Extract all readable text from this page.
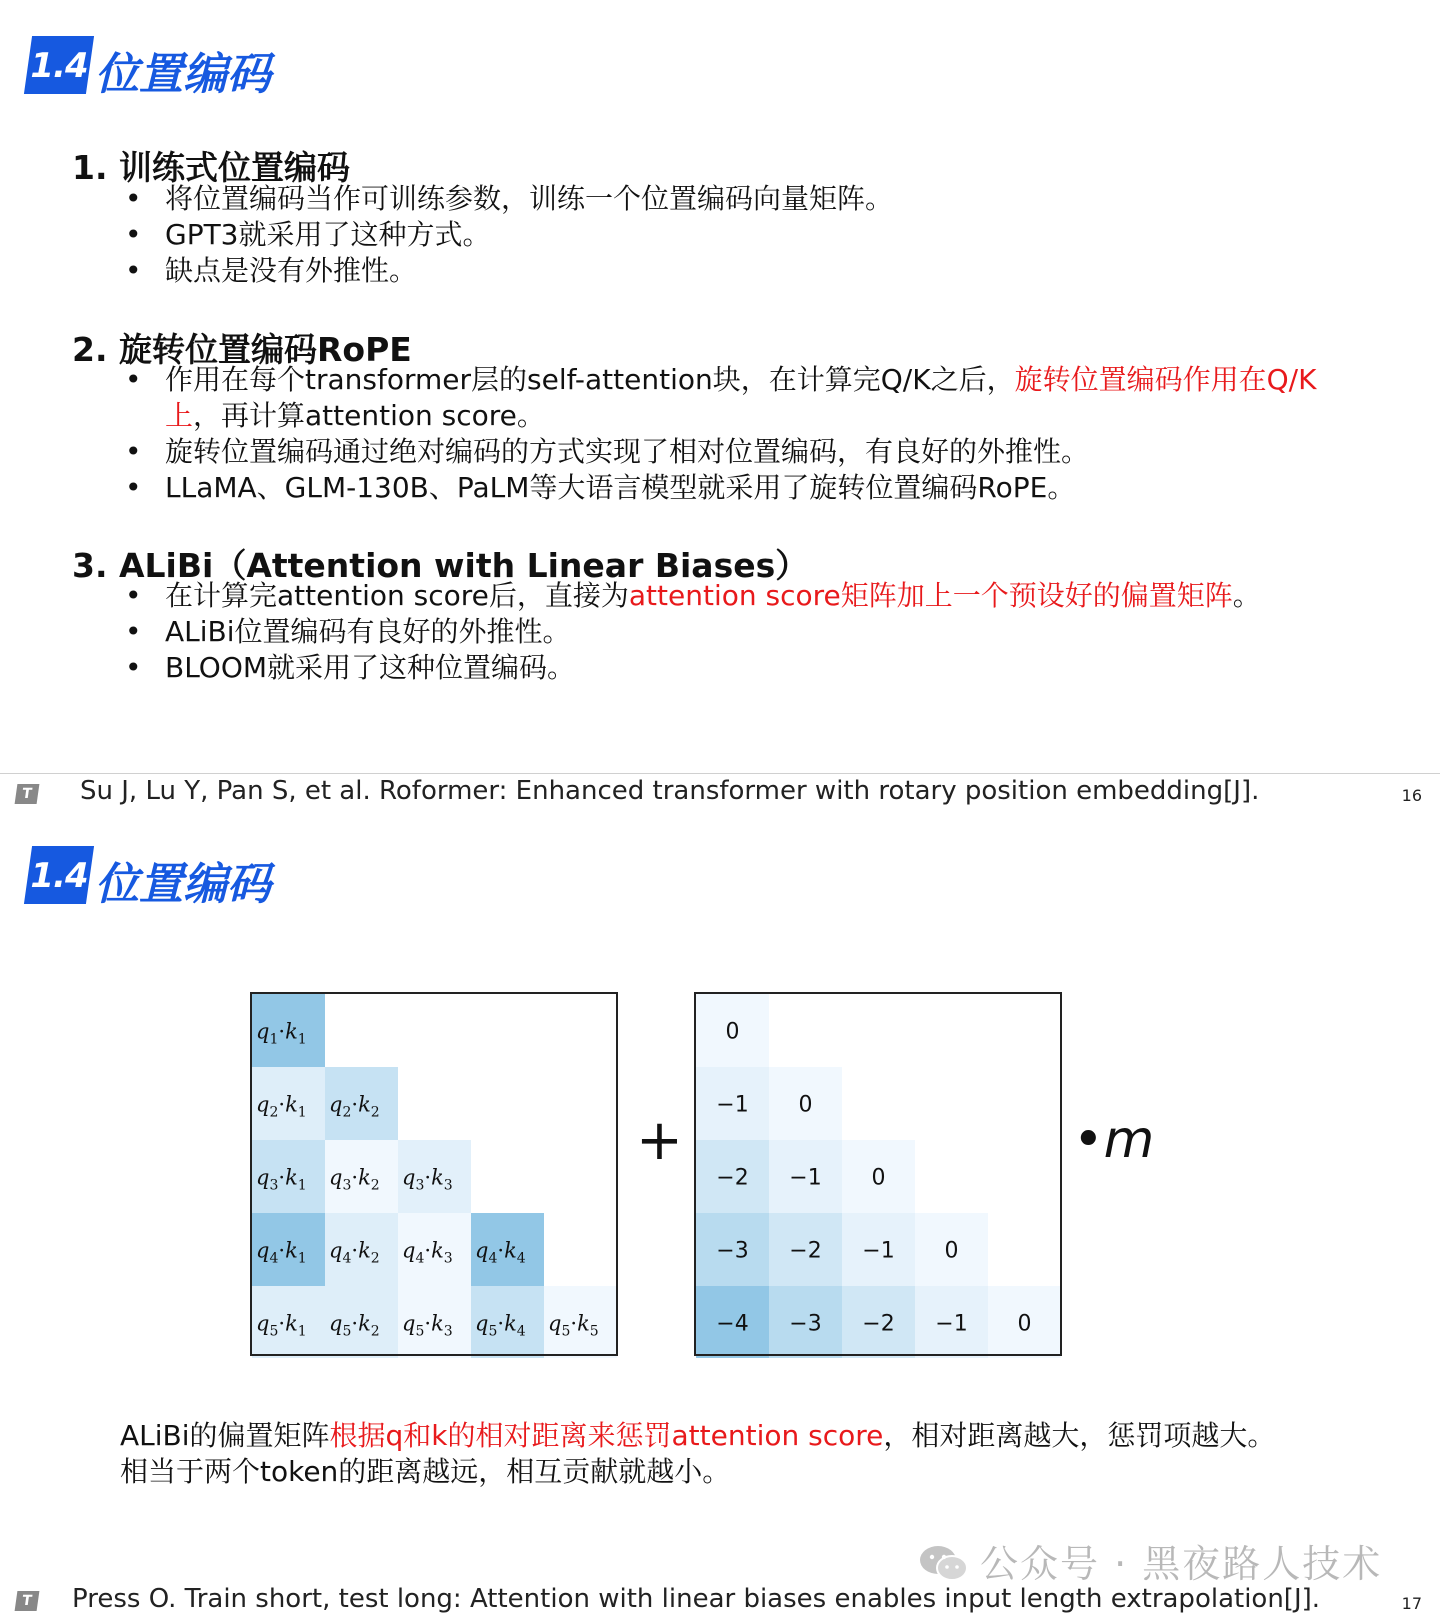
1.4 位置编码
1. 训练式位置编码
• 将位置编码当作可训练参数，训练一个位置编码向量矩阵。
• GPT3就采用了这种方式。
• 缺点是没有外推性。
2. 旋转位置编码RoPE
• 作用在每个transformer层的self-attention块，在计算完Q/K之后，旋转位置编码作用在Q/K上，再计算attention score。
• 旋转位置编码通过绝对编码的方式实现了相对位置编码，有良好的外推性。
• LLaMA、GLM-130B、PaLM等大语言模型就采用了旋转位置编码RoPE。
3. ALiBi（Attention with Linear Biases）
• 在计算完attention score后，直接为attention score矩阵加上一个预设好的偏置矩阵。
• ALiBi位置编码有良好的外推性。
• BLOOM就采用了这种位置编码。
T Su J, Lu Y, Pan S, et al. Roformer: Enhanced transformer with rotary position embedding[J].	16
1.4 位置编码
$q_1\cdot k_1$
$q_2\cdot k_1$ $q_2\cdot k_2$
$q_3\cdot k_1$ $q_3\cdot k_2$ $q_3\cdot k_3$
$q_4\cdot k_1$ $q_4\cdot k_2$ $q_4\cdot k_3$ $q_4\cdot k_4$
$q_5\cdot k_1$ $q_5\cdot k_2$ $q_5\cdot k_3$ $q_5\cdot k_4$ $q_5\cdot k_5$
0
−1 0
−2 −1 0
−3 −2 −1 0
−4 −3 −2 −1 0
+	•m
ALiBi的偏置矩阵根据q和k的相对距离来惩罚attention score，相对距离越大，惩罚项越大。
相当于两个token的距离越远，相互贡献就越小。
公众号 · 黑夜路人技术
T Press O. Train short, test long: Attention with linear biases enables input length extrapolation[J].	17
